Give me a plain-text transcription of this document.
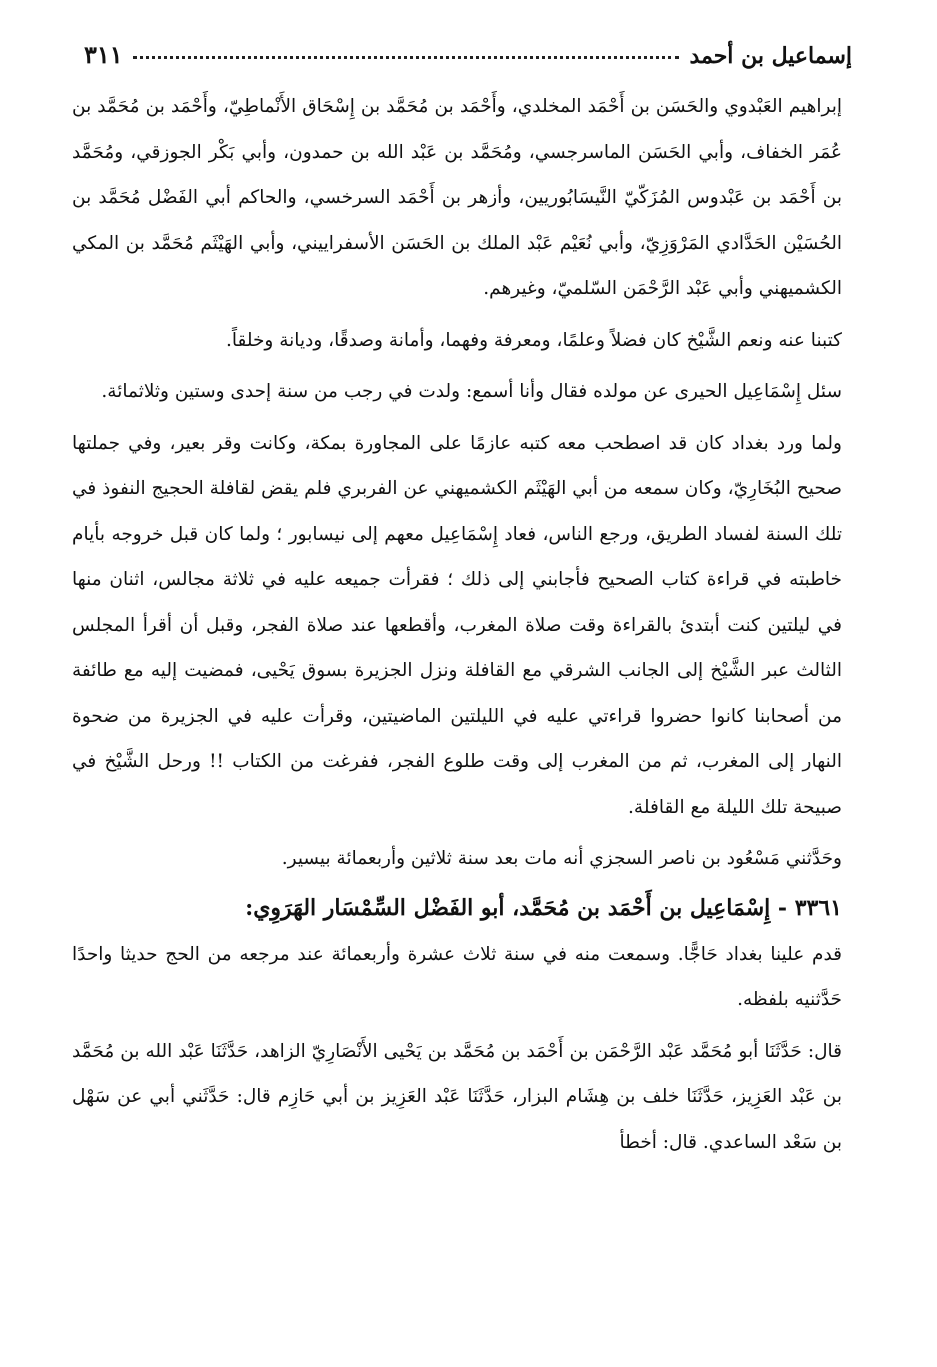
إسماعيل بن أحمد
٣١١

إبراهيم العَبْدوي والحَسَن بن أَحْمَد المخلدي، وأَحْمَد بن مُحَمَّد بن إِسْحَاق الأَنْماطِيّ، وأَحْمَد بن مُحَمَّد بن عُمَر الخفاف، وأبي الحَسَن الماسرجسي، ومُحَمَّد بن عَبْد الله بن حمدون، وأبي بَكْر الجوزقي، ومُحَمَّد بن أَحْمَد بن عَبْدوس المُزَكّيّ النَّيسَابُوريين، وأزهر بن أَحْمَد السرخسي، والحاكم أبي الفَضْل مُحَمَّد بن الحُسَيْن الحَدَّادي المَرْوَزِيّ، وأبي نُعَيْم عَبْد الملك بن الحَسَن الأسفراييني، وأبي الهَيْثَم مُحَمَّد بن المكي الكشميهني وأبي عَبْد الرَّحْمَن السّلميّ، وغيرهم.

كتبنا عنه ونعم الشَّيْخ كان فضلاً وعلمًا، ومعرفة وفهما، وأمانة وصدقًا، وديانة وخلقاً.

سئل إِسْمَاعِيل الحيرى عن مولده فقال وأنا أسمع: ولدت في رجب من سنة إحدى وستين وثلاثمائة.

ولما ورد بغداد كان قد اصطحب معه كتبه عازمًا على المجاورة بمكة، وكانت وقر بعير، وفي جملتها صحيح البُخَارِيّ، وكان سمعه من أبي الهَيْثَم الكشميهني عن الفربري فلم يقض لقافلة الحجيج النفوذ في تلك السنة لفساد الطريق، ورجع الناس، فعاد إِسْمَاعِيل معهم إلى نيسابور ؛ ولما كان قبل خروجه بأيام خاطبته في قراءة كتاب الصحيح فأجابني إلى ذلك ؛ فقرأت جميعه عليه في ثلاثة مجالس، اثنان منها في ليلتين كنت أبتدئ بالقراءة وقت صلاة المغرب، وأقطعها عند صلاة الفجر، وقبل أن أقرأ المجلس الثالث عبر الشَّيْخ إلى الجانب الشرقي مع القافلة ونزل الجزيرة بسوق يَحْيى، فمضيت إليه مع طائفة من أصحابنا كانوا حضروا قراءتي عليه في الليلتين الماضيتين، وقرأت عليه في الجزيرة من ضحوة النهار إلى المغرب، ثم من المغرب إلى وقت طلوع الفجر، ففرغت من الكتاب !! ورحل الشَّيْخ في صبيحة تلك الليلة مع القافلة.

وحَدَّثني مَسْعُود بن ناصر السجزي أنه مات بعد سنة ثلاثين وأربعمائة بيسير.

٣٣٦١ - إِسْمَاعِيل بن أَحْمَد بن مُحَمَّد، أبو الفَضْل السِّمْسَار الهَرَوِي:

قدم علينا بغداد حَاجًّا. وسمعت منه في سنة ثلاث عشرة وأربعمائة عند مرجعه من الحج حديثا واحدًا حَدَّثنيه بلفظه.

قال: حَدَّثَنَا أبو مُحَمَّد عَبْد الرَّحْمَن بن أَحْمَد بن مُحَمَّد بن يَحْيى الأَنْصَارِيّ الزاهد، حَدَّثَنَا عَبْد الله بن مُحَمَّد بن عَبْد العَزِيز، حَدَّثَنَا خلف بن هِشَام البزار، حَدَّثَنَا عَبْد العَزِيز بن أبي حَازِم قال: حَدَّثَني أبي عن سَهْل بن سَعْد الساعدي. قال: أخطأ
